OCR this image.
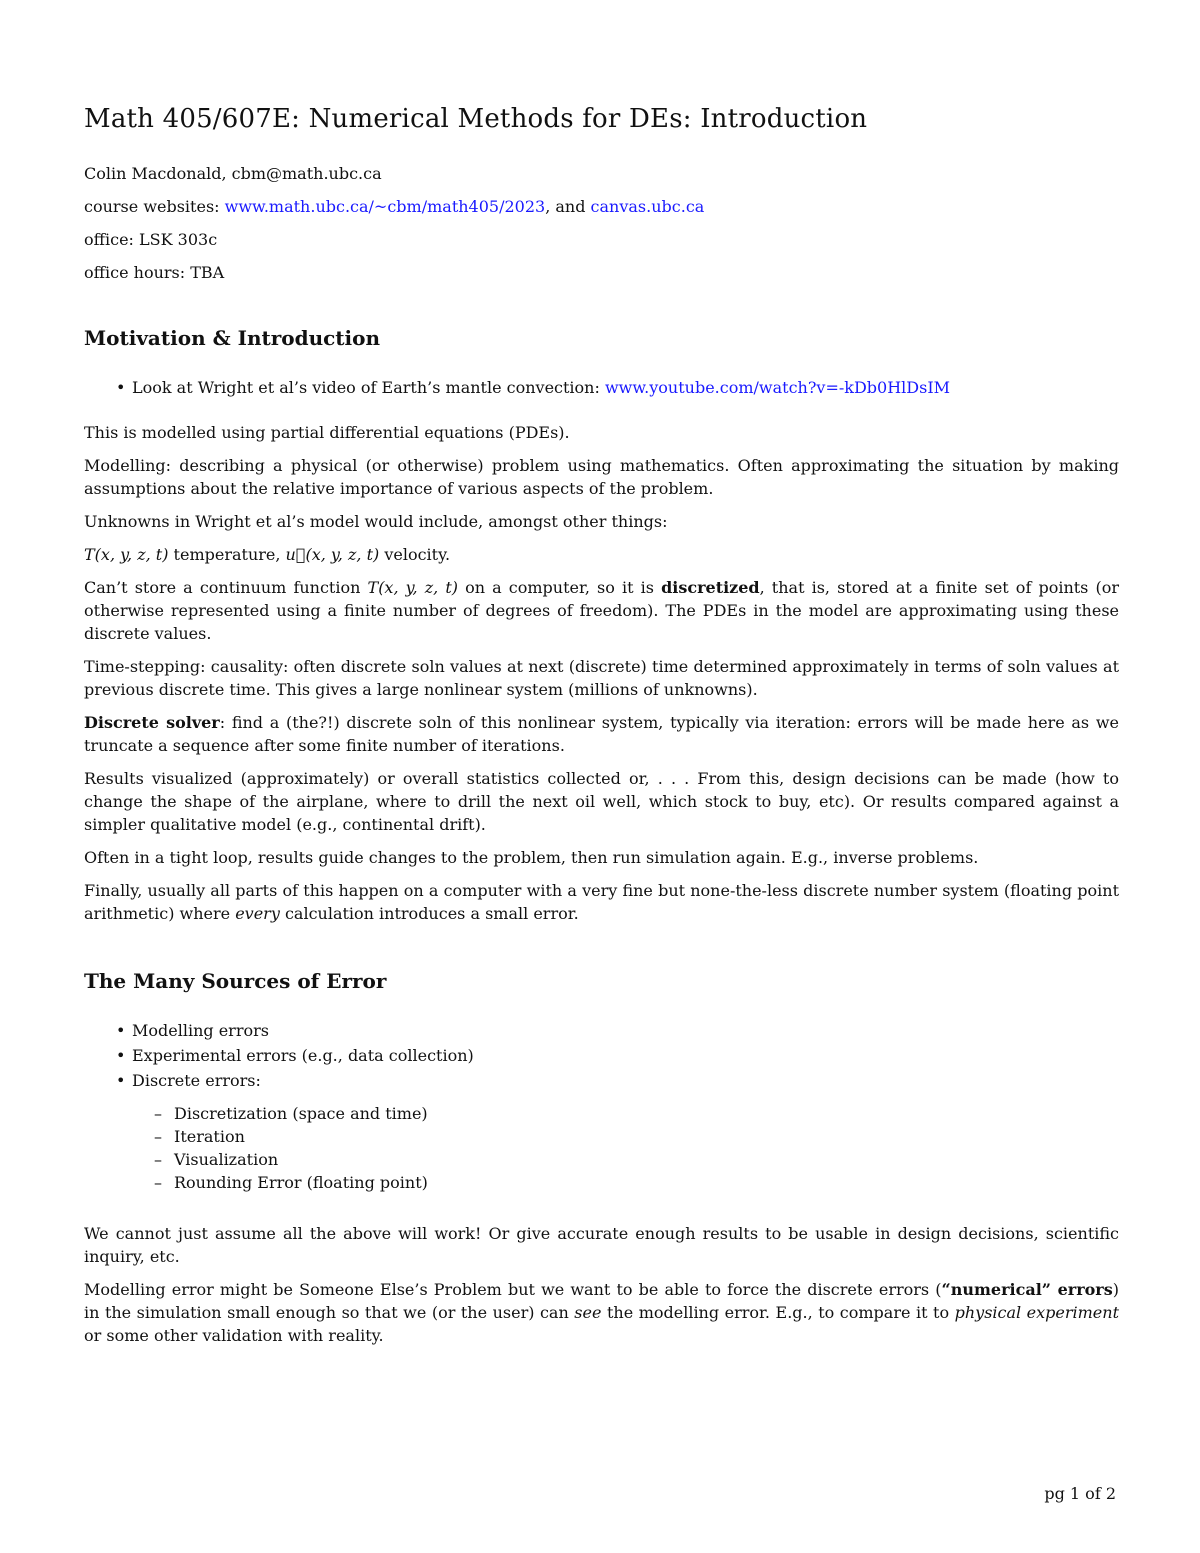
Math 405/607E: Numerical Methods for DEs: Introduction

Colin Macdonald, cbm@math.ubc.ca

course websites: www.math.ubc.ca/~cbm/math405/2023, and canvas.ubc.ca

office: LSK 303c

office hours: TBA

Motivation & Introduction
• Look at Wright et al’s video of Earth’s mantle convection: www.youtube.com/watch?v=-kDb0HlDsIM

This is modelled using partial differential equations (PDEs).

Modelling: describing a physical (or otherwise) problem using mathematics. Often approximating the situation by making assumptions about the relative importance of various aspects of the problem.

Unknowns in Wright et al’s model would include, amongst other things:

T(x, y, z, t) temperature, u⃗(x, y, z, t) velocity.

Can’t store a continuum function T(x, y, z, t) on a computer, so it is discretized, that is, stored at a finite set of points (or otherwise represented using a finite number of degrees of freedom). The PDEs in the model are approximating using these discrete values.

Time-stepping: causality: often discrete soln values at next (discrete) time determined approximately in terms of soln values at previous discrete time. This gives a large nonlinear system (millions of unknowns).

Discrete solver: find a (the?!) discrete soln of this nonlinear system, typically via iteration: errors will be made here as we truncate a sequence after some finite number of iterations.

Results visualized (approximately) or overall statistics collected or, . . . From this, design decisions can be made (how to change the shape of the airplane, where to drill the next oil well, which stock to buy, etc). Or results compared against a simpler qualitative model (e.g., continental drift).

Often in a tight loop, results guide changes to the problem, then run simulation again. E.g., inverse problems.

Finally, usually all parts of this happen on a computer with a very fine but none-the-less discrete number system (floating point arithmetic) where every calculation introduces a small error.

The Many Sources of Error
• Modelling errors
• Experimental errors (e.g., data collection)
• Discrete errors:
– Discretization (space and time)
– Iteration
– Visualization
– Rounding Error (floating point)

We cannot just assume all the above will work! Or give accurate enough results to be usable in design decisions, scientific inquiry, etc.

Modelling error might be Someone Else’s Problem but we want to be able to force the discrete errors (“numerical” errors) in the simulation small enough so that we (or the user) can see the modelling error. E.g., to compare it to physical experiment or some other validation with reality.

pg 1 of 2
